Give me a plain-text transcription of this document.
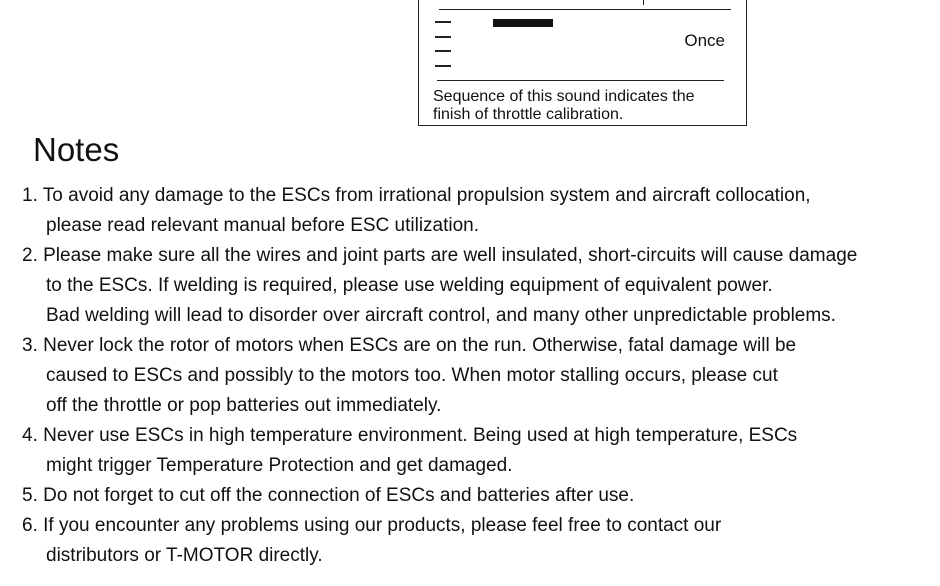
Once
Sequence of this sound indicates the
finish of throttle calibration.
Notes
1. To avoid any damage to the ESCs from irrational propulsion system and aircraft collocation,
please read relevant manual before ESC utilization.
2. Please make sure all the wires and joint parts are well insulated, short-circuits will cause damage
to the ESCs. If welding is required, please use welding equipment of equivalent power.
Bad welding will lead to disorder over aircraft control, and many other unpredictable problems.
3. Never lock the rotor of motors when ESCs are on the run. Otherwise, fatal damage will be
caused to ESCs and possibly to the motors too. When motor stalling occurs, please cut
off the throttle or pop batteries out immediately.
4. Never use ESCs in high temperature environment. Being used at high temperature, ESCs
might trigger Temperature Protection and get damaged.
5. Do not forget to cut off the connection of ESCs and batteries after use.
6. If you encounter any problems using our products, please feel free to contact our
distributors or T-MOTOR directly.
